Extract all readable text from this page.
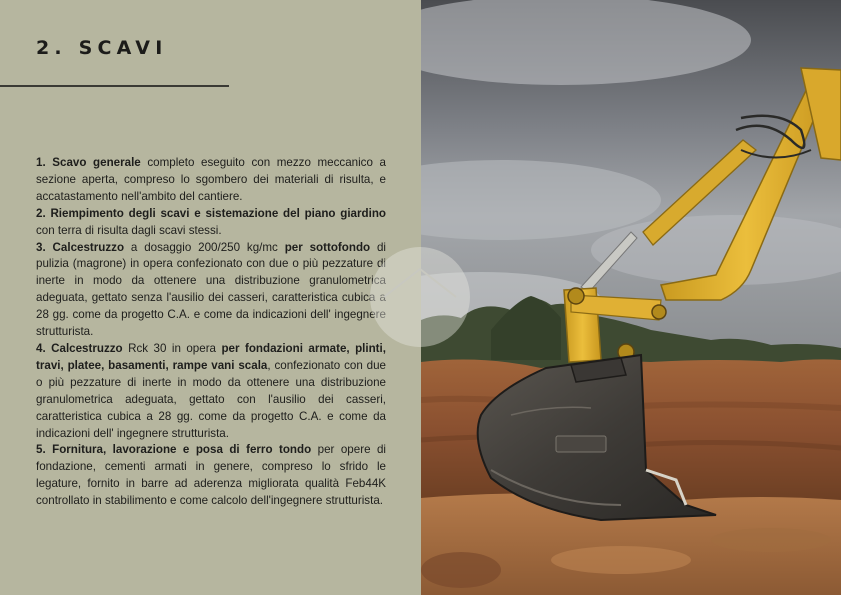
2. SCAVI

1. Scavo generale completo eseguito con mezzo meccanico a sezione aperta, compreso lo sgombero dei materiali di risulta, e accatastamento nell'ambito del cantiere.

2. Riempimento degli scavi e sistemazione del piano giardino con terra di risulta dagli scavi stessi.

3. Calcestruzzo a dosaggio 200/250 kg/mc per sottofondo di pulizia (magrone) in opera confezionato con due o più pezzature di inerte in modo da ottenere una distribuzione granulometrica adeguata, gettato senza l'ausilio dei casseri, caratteristica cubica a 28 gg. come da progetto C.A. e come da indicazioni dell' ingegnere strutturista.

4. Calcestruzzo Rck 30 in opera per fondazioni armate, plinti, travi, platee, basamenti, rampe vani scala, confezionato con due o più pezzature di inerte in modo da ottenere una distribuzione granulometrica adeguata, gettato con l'ausilio dei casseri, caratteristica cubica a 28 gg. come da progetto C.A. e come da indicazioni dell' ingegnere strutturista.

5. Fornitura, lavorazione e posa di ferro tondo per opere di fondazione, cementi armati in genere, compreso lo sfrido le legature, fornito in barre ad aderenza migliorata qualità Feb44K controllato in stabilimento e come calcolo dell'ingegnere strutturista.
